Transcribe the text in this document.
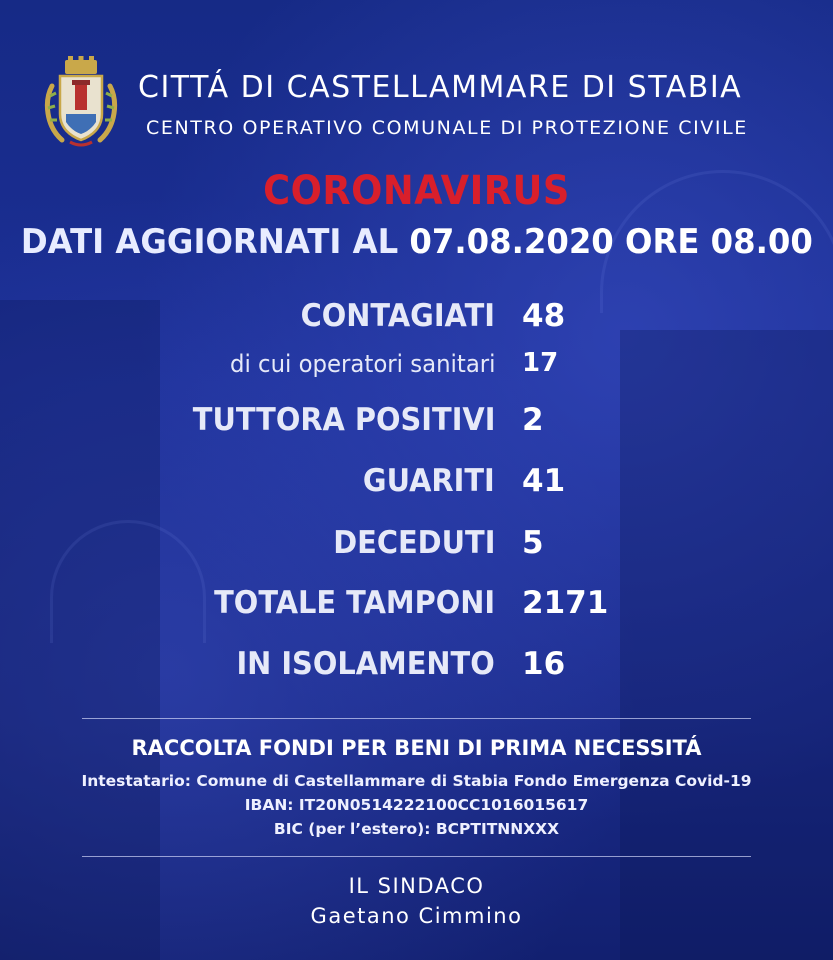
CITTÁ DI CASTELLAMMARE DI STABIA
CENTRO OPERATIVO COMUNALE DI PROTEZIONE CIVILE
CORONAVIRUS
DATI AGGIORNATI AL 07.08.2020 ORE 08.00
CONTAGIATI 48
di cui operatori sanitari 17
TUTTORA POSITIVI 2
GUARITI 41
DECEDUTI 5
TOTALE TAMPONI 2171
IN ISOLAMENTO 16
RACCOLTA FONDI PER BENI DI PRIMA NECESSITÁ
Intestatario: Comune di Castellammare di Stabia Fondo Emergenza Covid-19
IBAN: IT20N0514222100CC1016015617
BIC (per l’estero): BCPTITNNXXX
IL SINDACO
Gaetano Cimmino
